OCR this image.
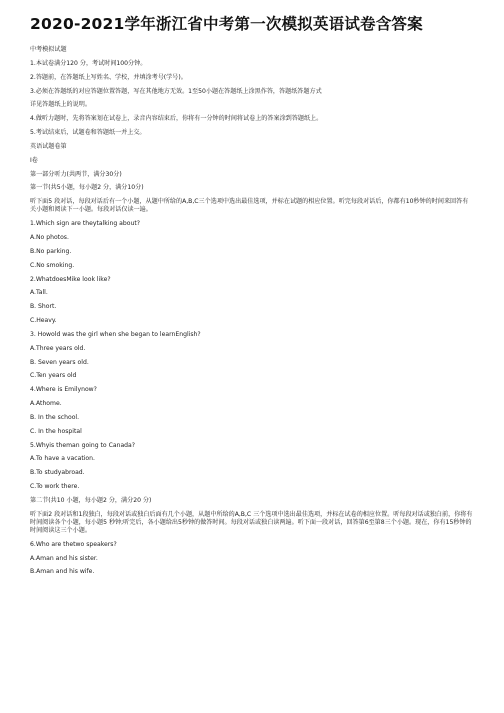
2020-2021学年浙江省中考第一次模拟英语试卷含答案
中考模拟试题
1.本试卷满分120 分，考试时间100分钟。
2.答题前，在答题纸上写姓名、学校，并填涂考号(学号)。
3.必须在答题纸的对应答题位置答题，写在其他地方无效。1至50小题在答题纸上涂黑作答，答题纸答题方式
详见答题纸上的说明。
4.做听力题时，先将答案划在试卷上，录音内容结束后，你将有一分钟的时间将试卷上的答案涂到答题纸上。
5.考试结束后，试题卷和答题纸一并上交。
英语试题卷第
I卷
第一部分听力(共两节，满分30分)
第一节(共5小题，每小题2 分，满分10分)
听下面5 段对话，每段对话后有一个小题，从题中所给的A,B,C三个选项中选出最佳选项，并标在试题的相应位置。听完每段对话后，你都有10秒钟的时间来回答有关小题和阅读下一小题。每段对话仅读一遍。
1.Which sign are theytalking about?
A.No photos.
B.No parking.
C.No smoking.
2.WhatdoesMike look like?
A.Tall.
B. Short.
C.Heavy.
3. Howold was the girl when she began to learnEnglish?
A.Three years old.
B. Seven years old.
C.Ten years old
4.Where is Emilynow?
A.Athome.
B. In the school.
C. In the hospital
5.Whyis theman going to Canada?
A.To have a vacation.
B.To studyabroad.
C.To work there.
第二节(共10 小题，每小题2 分，满分20 分)
听下面2 段对话和1段独白，每段对话或独白后面有几个小题，从题中所给的A,B,C 三个选项中选出最佳选项，并标在试卷的相应位置。听每段对话或独白前，你将有时间阅读各个小题，每小题5 秒钟;听完后，各小题给出5秒钟的做答时间。每段对话或独白读两遍。听下面一段对话，回答第6至第8三个小题。现在，你有15秒钟的时间阅读这三个小题。
6.Who are thetwo speakers?
A.Aman and his sister.
B.Aman and his wife.
